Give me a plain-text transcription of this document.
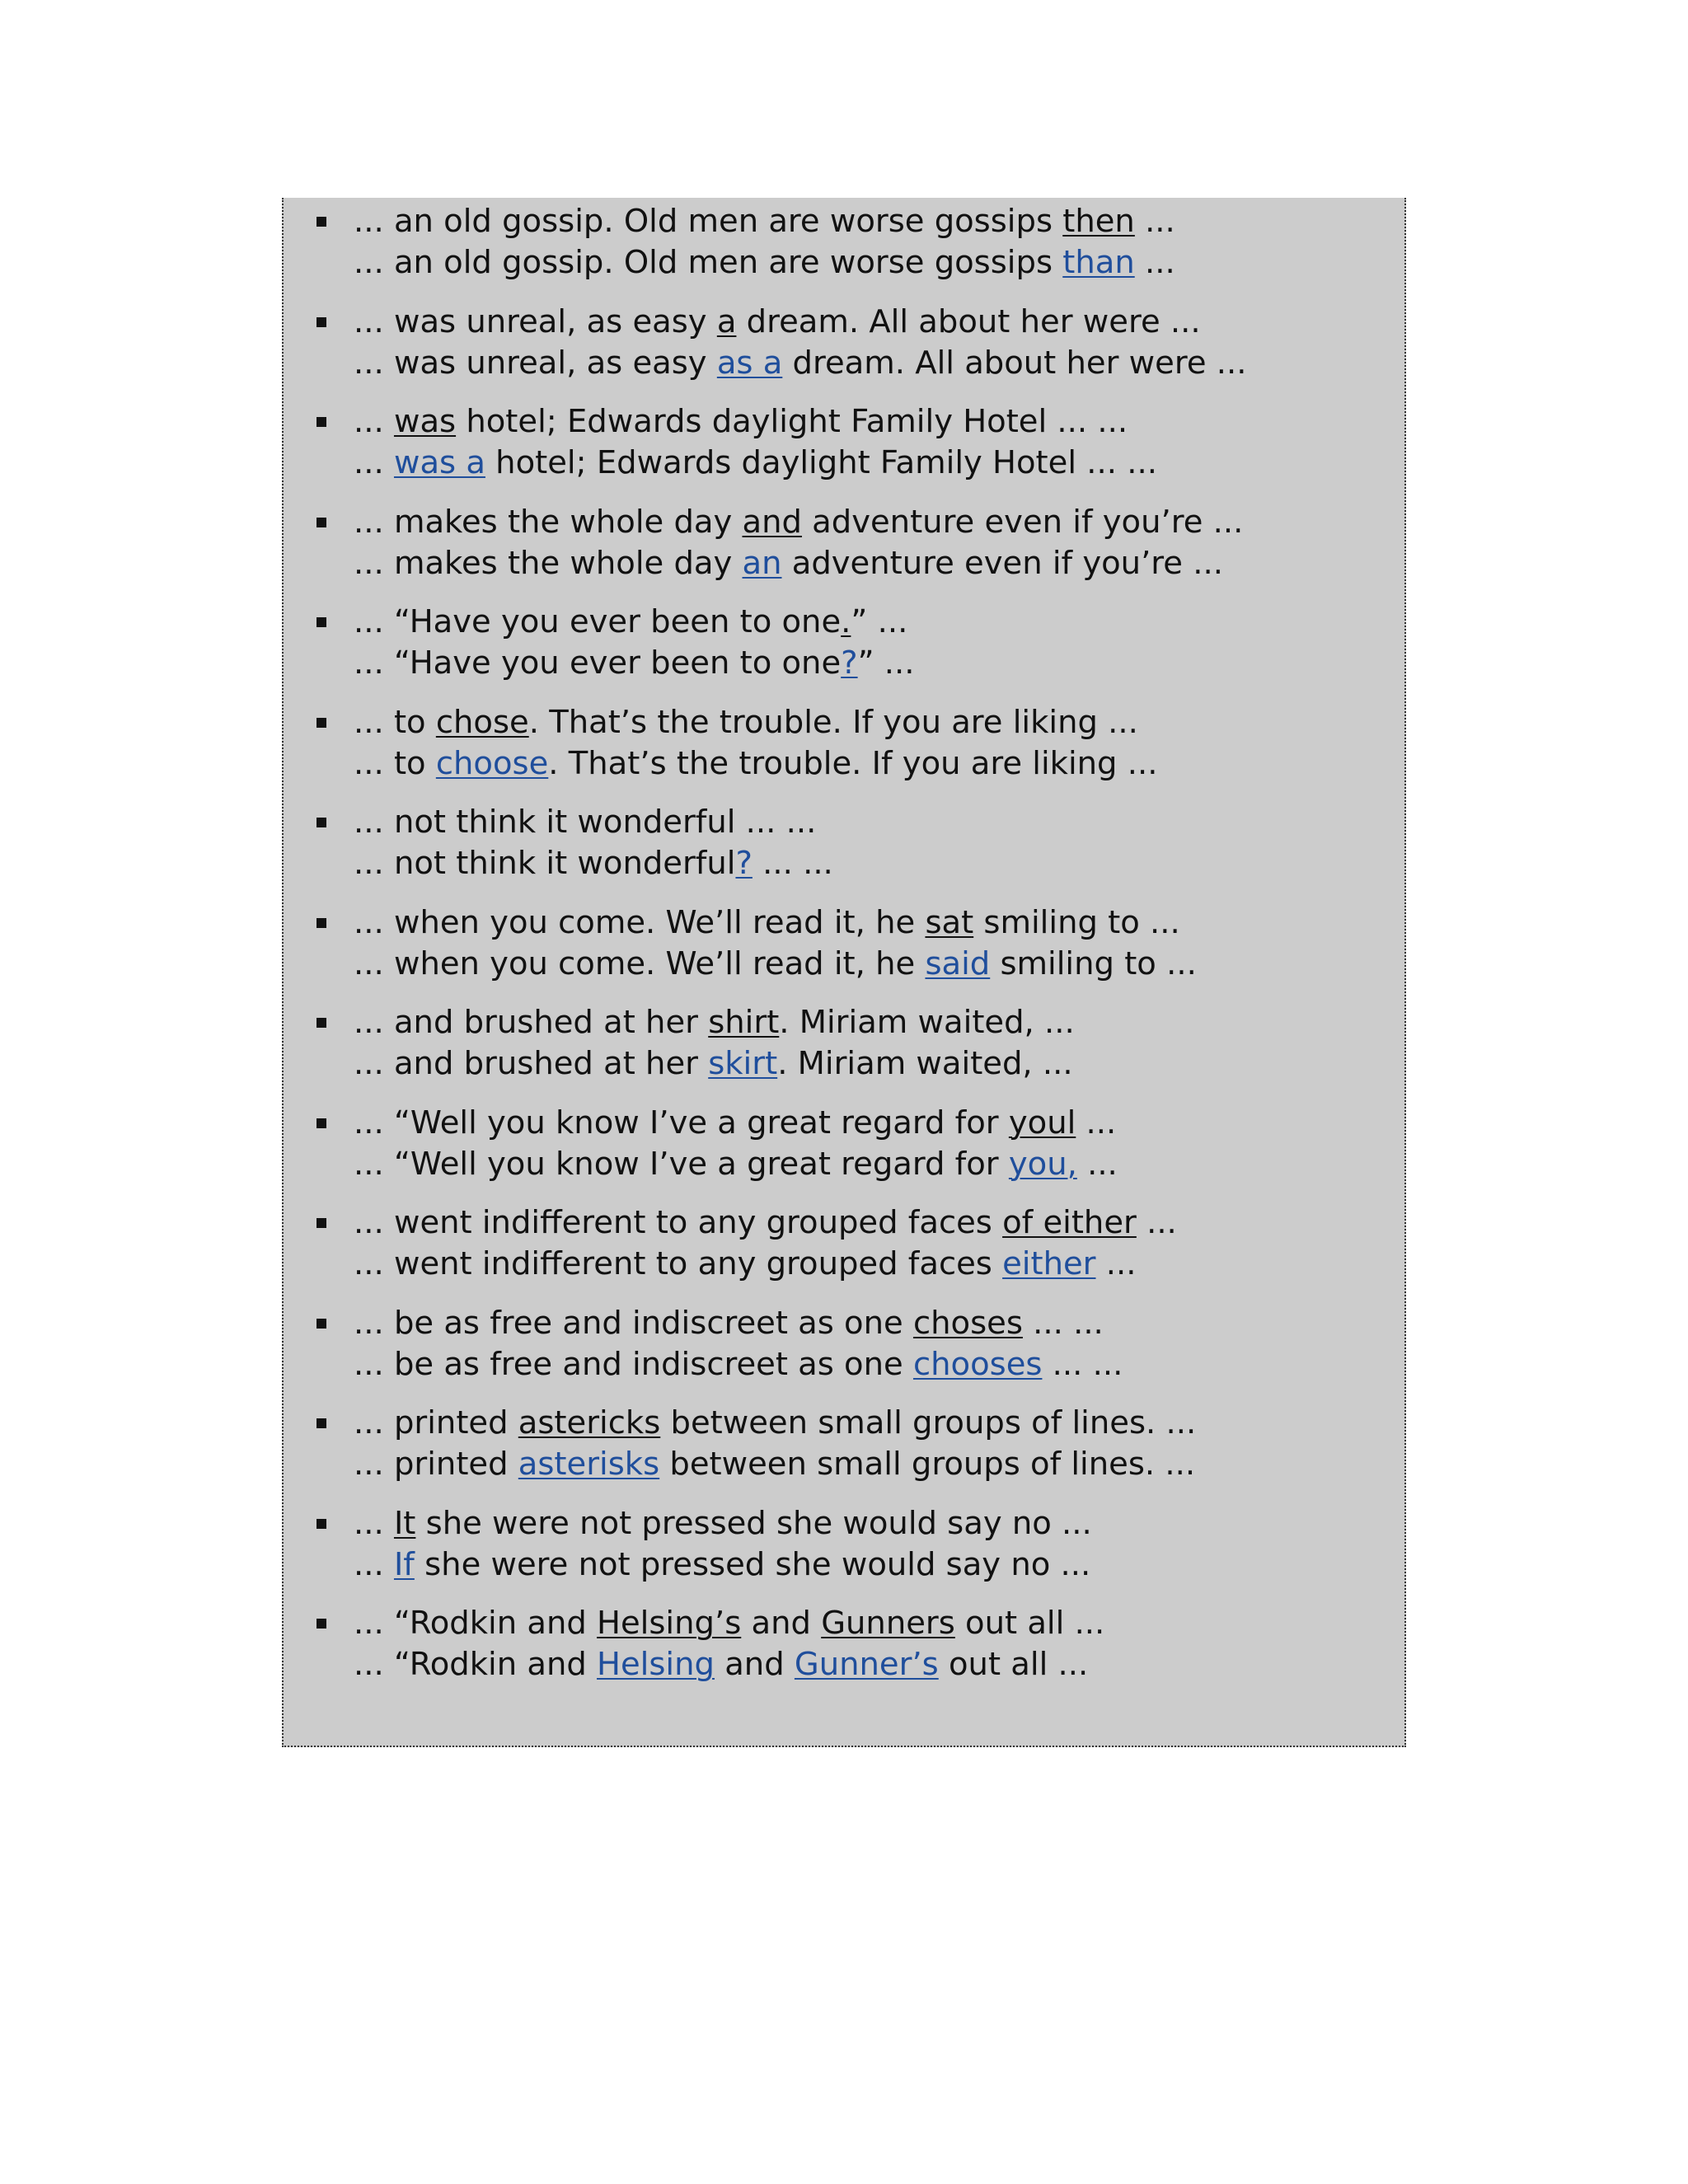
... an old gossip. Old men are worse gossips then ...
... an old gossip. Old men are worse gossips than ...
... was unreal, as easy a dream. All about her were ...
... was unreal, as easy as a dream. All about her were ...
... was hotel; Edwards daylight Family Hotel ... ...
... was a hotel; Edwards daylight Family Hotel ... ...
... makes the whole day and adventure even if you’re ...
... makes the whole day an adventure even if you’re ...
... “Have you ever been to one.” ...
... “Have you ever been to one?” ...
... to chose. That’s the trouble. If you are liking ...
... to choose. That’s the trouble. If you are liking ...
... not think it wonderful ... ...
... not think it wonderful? ... ...
... when you come. We’ll read it, he sat smiling to ...
... when you come. We’ll read it, he said smiling to ...
... and brushed at her shirt. Miriam waited, ...
... and brushed at her skirt. Miriam waited, ...
... “Well you know I’ve a great regard for youl ...
... “Well you know I’ve a great regard for you, ...
... went indifferent to any grouped faces of either ...
... went indifferent to any grouped faces either ...
... be as free and indiscreet as one choses ... ...
... be as free and indiscreet as one chooses ... ...
... printed astericks between small groups of lines. ...
... printed asterisks between small groups of lines. ...
... It she were not pressed she would say no ...
... If she were not pressed she would say no ...
... “Rodkin and Helsing’s and Gunners out all ...
... “Rodkin and Helsing and Gunner’s out all ...
